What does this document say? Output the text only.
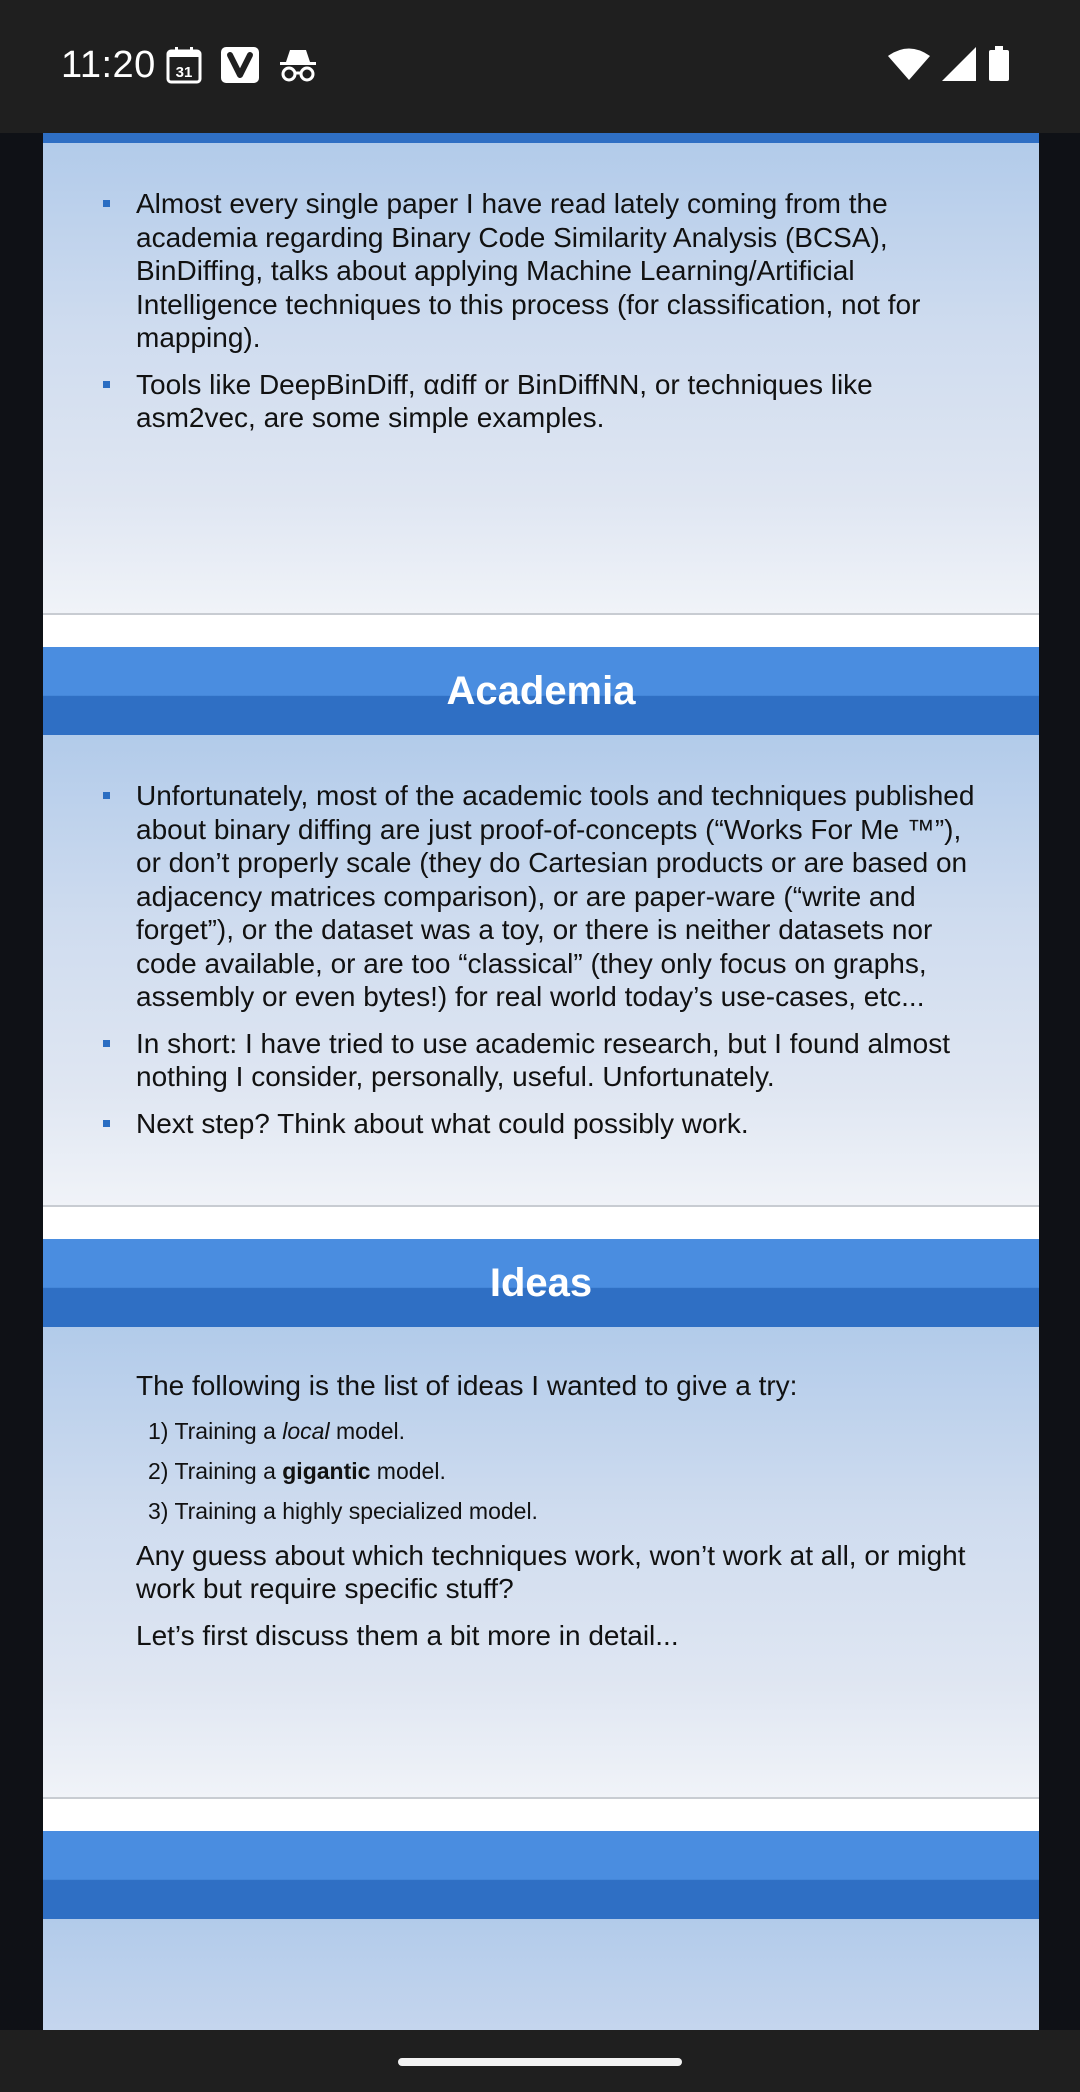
11:20 31
Almost every single paper I have read lately coming from the academia regarding Binary Code Similarity Analysis (BCSA), BinDiffing, talks about applying Machine Learning/Artificial Intelligence techniques to this process (for classification, not for mapping).
Tools like DeepBinDiff, αdiff or BinDiffNN, or techniques like asm2vec, are some simple examples.
Academia
Unfortunately, most of the academic tools and techniques published about binary diffing are just proof-of-concepts (“Works For Me ™”), or don’t properly scale (they do Cartesian products or are based on adjacency matrices comparison), or are paper-ware (“write and forget”), or the dataset was a toy, or there is neither datasets nor code available, or are too “classical” (they only focus on graphs, assembly or even bytes!) for real world today’s use-cases, etc...
In short: I have tried to use academic research, but I found almost nothing I consider, personally, useful. Unfortunately.
Next step? Think about what could possibly work.
Ideas

The following is the list of ideas I wanted to give a try:

1) Training a local model.
2) Training a gigantic model.
3) Training a highly specialized model.

Any guess about which techniques work, won’t work at all, or might work but require specific stuff?

Let’s first discuss them a bit more in detail...
